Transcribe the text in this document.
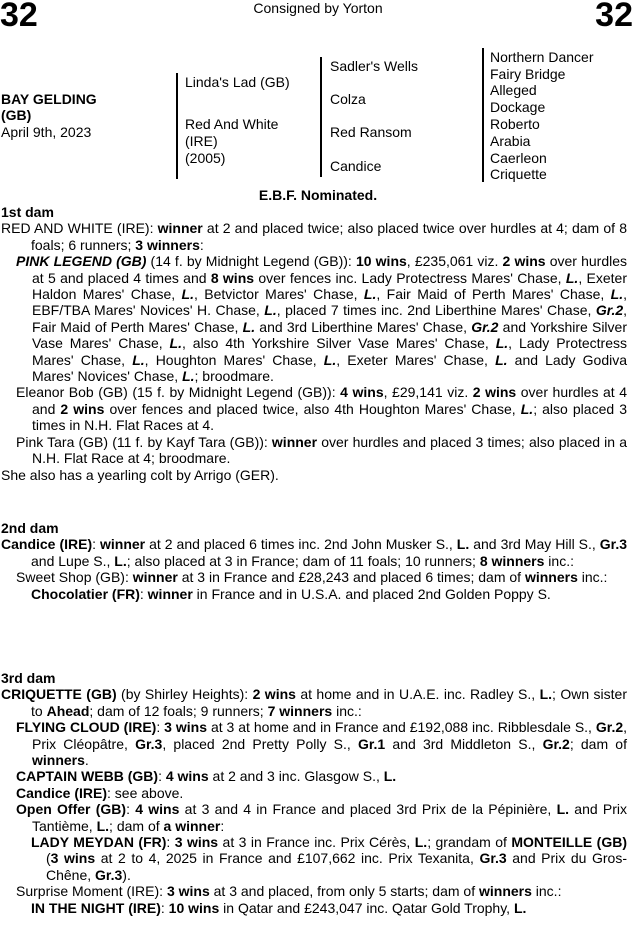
32	Consigned by Yorton	32
BAY GELDING
(GB)
April 9th, 2023
Linda's Lad (GB)
Red And White
(IRE)
(2005)
Sadler's Wells
Colza
Red Ransom
Candice
Northern Dancer
Fairy Bridge
Alleged
Dockage
Roberto
Arabia
Caerleon
Criquette
E.B.F. Nominated.
1st dam
RED AND WHITE (IRE): winner at 2 and placed twice; also placed twice over hurdles at 4; dam of 8 foals; 6 runners; 3 winners:
PINK LEGEND (GB) (14 f. by Midnight Legend (GB)): 10 wins, £235,061 viz. 2 wins over hurdles at 5 and placed 4 times and 8 wins over fences inc. Lady Protectress Mares' Chase, L., Exeter Haldon Mares' Chase, L., Betvictor Mares' Chase, L., Fair Maid of Perth Mares' Chase, L., EBF/TBA Mares' Novices' H. Chase, L., placed 7 times inc. 2nd Liberthine Mares' Chase, Gr.2, Fair Maid of Perth Mares' Chase, L. and 3rd Liberthine Mares' Chase, Gr.2 and Yorkshire Silver Vase Mares' Chase, L., also 4th Yorkshire Silver Vase Mares' Chase, L., Lady Protectress Mares' Chase, L., Houghton Mares' Chase, L., Exeter Mares' Chase, L. and Lady Godiva Mares' Novices' Chase, L.; broodmare.
Eleanor Bob (GB) (15 f. by Midnight Legend (GB)): 4 wins, £29,141 viz. 2 wins over hurdles at 4 and 2 wins over fences and placed twice, also 4th Houghton Mares' Chase, L.; also placed 3 times in N.H. Flat Races at 4.
Pink Tara (GB) (11 f. by Kayf Tara (GB)): winner over hurdles and placed 3 times; also placed in a N.H. Flat Race at 4; broodmare.
She also has a yearling colt by Arrigo (GER).
2nd dam
Candice (IRE): winner at 2 and placed 6 times inc. 2nd John Musker S., L. and 3rd May Hill S., Gr.3 and Lupe S., L.; also placed at 3 in France; dam of 11 foals; 10 runners; 8 winners inc.:
Sweet Shop (GB): winner at 3 in France and £28,243 and placed 6 times; dam of winners inc.:
Chocolatier (FR): winner in France and in U.S.A. and placed 2nd Golden Poppy S.
3rd dam
CRIQUETTE (GB) (by Shirley Heights): 2 wins at home and in U.A.E. inc. Radley S., L.; Own sister to Ahead; dam of 12 foals; 9 runners; 7 winners inc.:
FLYING CLOUD (IRE): 3 wins at 3 at home and in France and £192,088 inc. Ribblesdale S., Gr.2, Prix Cléopâtre, Gr.3, placed 2nd Pretty Polly S., Gr.1 and 3rd Middleton S., Gr.2; dam of winners.
CAPTAIN WEBB (GB): 4 wins at 2 and 3 inc. Glasgow S., L.
Candice (IRE): see above.
Open Offer (GB): 4 wins at 3 and 4 in France and placed 3rd Prix de la Pépinière, L. and Prix Tantième, L.; dam of a winner:
LADY MEYDAN (FR): 3 wins at 3 in France inc. Prix Cérès, L.; grandam of MONTEILLE (GB) (3 wins at 2 to 4, 2025 in France and £107,662 inc. Prix Texanita, Gr.3 and Prix du Gros-Chêne, Gr.3).
Surprise Moment (IRE): 3 wins at 3 and placed, from only 5 starts; dam of winners inc.:
IN THE NIGHT (IRE): 10 wins in Qatar and £243,047 inc. Qatar Gold Trophy, L.
